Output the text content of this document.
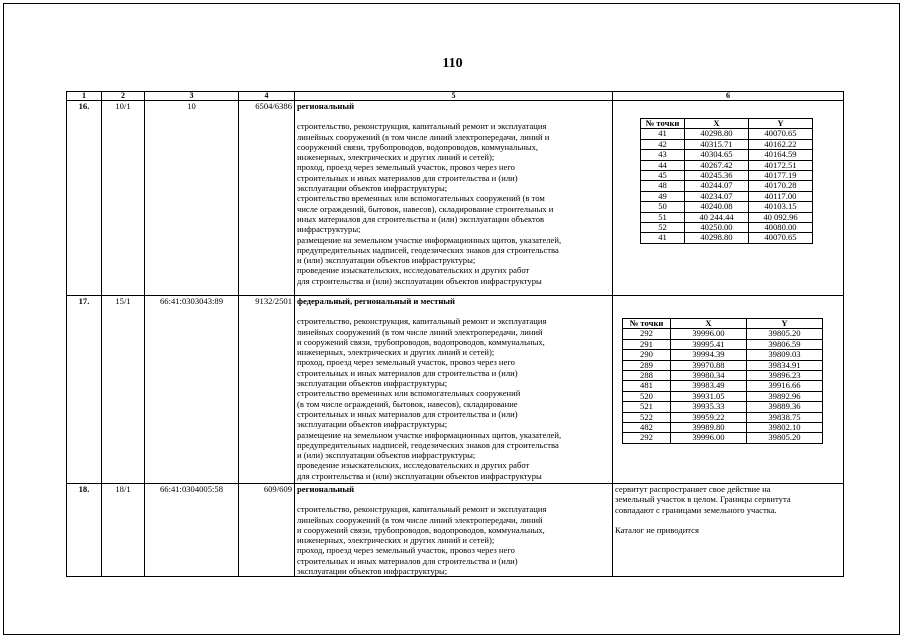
110
1	2	3	4	5	6
16.	10/1	10	6504/6386	региональный
строительство, реконструкция, капитальный ремонт и эксплуатация
линейных сооружений (в том числе линий электропередачи, линий и
сооружений связи, трубопроводов, водопроводов, коммунальных,
инженерных, электрических и других линий и сетей);
проход, проезд через земельный участок, провоз через него
строительных и иных материалов для строительства и (или)
эксплуатации объектов инфраструктуры;
строительство временных или вспомогательных сооружений (в том
числе ограждений, бытовок, навесов), складирование строительных и
иных материалов для строительства и (или) эксплуатации объектов
инфраструктуры;
размещение на земельном участке информационных щитов, указателей,
предупредительных надписей, геодезических знаков для строительства
и (или) эксплуатации объектов инфраструктуры;
проведение изыскательских, исследовательских и других работ
для строительства и (или) эксплуатации объектов инфраструктуры

№ точки	X	Y
41	40298.80	40070.65
42	40315.71	40162.22
43	40304.65	40164.59
44	40267.42	40172.51
45	40245.36	40177.19
48	40244.07	40170.28
49	40234.07	40117.00
50	40240.08	40103.15
51	40 244.44	40 092.96
52	40250.00	40080.00
41	40298.80	40070.65

17.	15/1	66:41:0303043:89	9132/2501	федеральный, региональный и местный
строительство, реконструкция, капитальный ремонт и эксплуатация
линейных сооружений (в том числе линий электропередачи, линий
и сооружений связи, трубопроводов, водопроводов, коммунальных,
инженерных, электрических и других линий и сетей);
проход, проезд через земельный участок, провоз через него
строительных и иных материалов для строительства и (или)
эксплуатации объектов инфраструктуры;
строительство временных или вспомогательных сооружений
(в том числе ограждений, бытовок, навесов), складирование
строительных и иных материалов для строительства и (или)
эксплуатации объектов инфраструктуры;
размещение на земельном участке информационных щитов, указателей,
предупредительных надписей, геодезических знаков для строительства
и (или) эксплуатации объектов инфраструктуры;
проведение изыскательских, исследовательских и других работ
для строительства и (или) эксплуатации объектов инфраструктуры

№ точки	X	Y
292	39996.00	39805.20
291	39995.41	39806.59
290	39994.39	39809.03
289	39970.88	39834.91
288	39980.34	39896.23
481	39983.49	39916.66
520	39931.05	39892.96
521	39935.33	39889.36
522	39959.22	39838.75
482	39989.80	39802.10
292	39996.00	39805.20

18.	18/1	66:41:0304005:58	609/609	региональный
строительство, реконструкция, капитальный ремонт и эксплуатация
линейных сооружений (в том числе линий электропередачи, линий
и сооружений связи, трубопроводов, водопроводов, коммунальных,
инженерных, электрических и других линий и сетей);
проход, проезд через земельный участок, провоз через него
строительных и иных материалов для строительства и (или)
эксплуатации объектов инфраструктуры;

сервитут распространяет свое действие на
земельный участок в целом. Границы сервитута
совпадают с границами земельного участка.
Каталог не приводится
